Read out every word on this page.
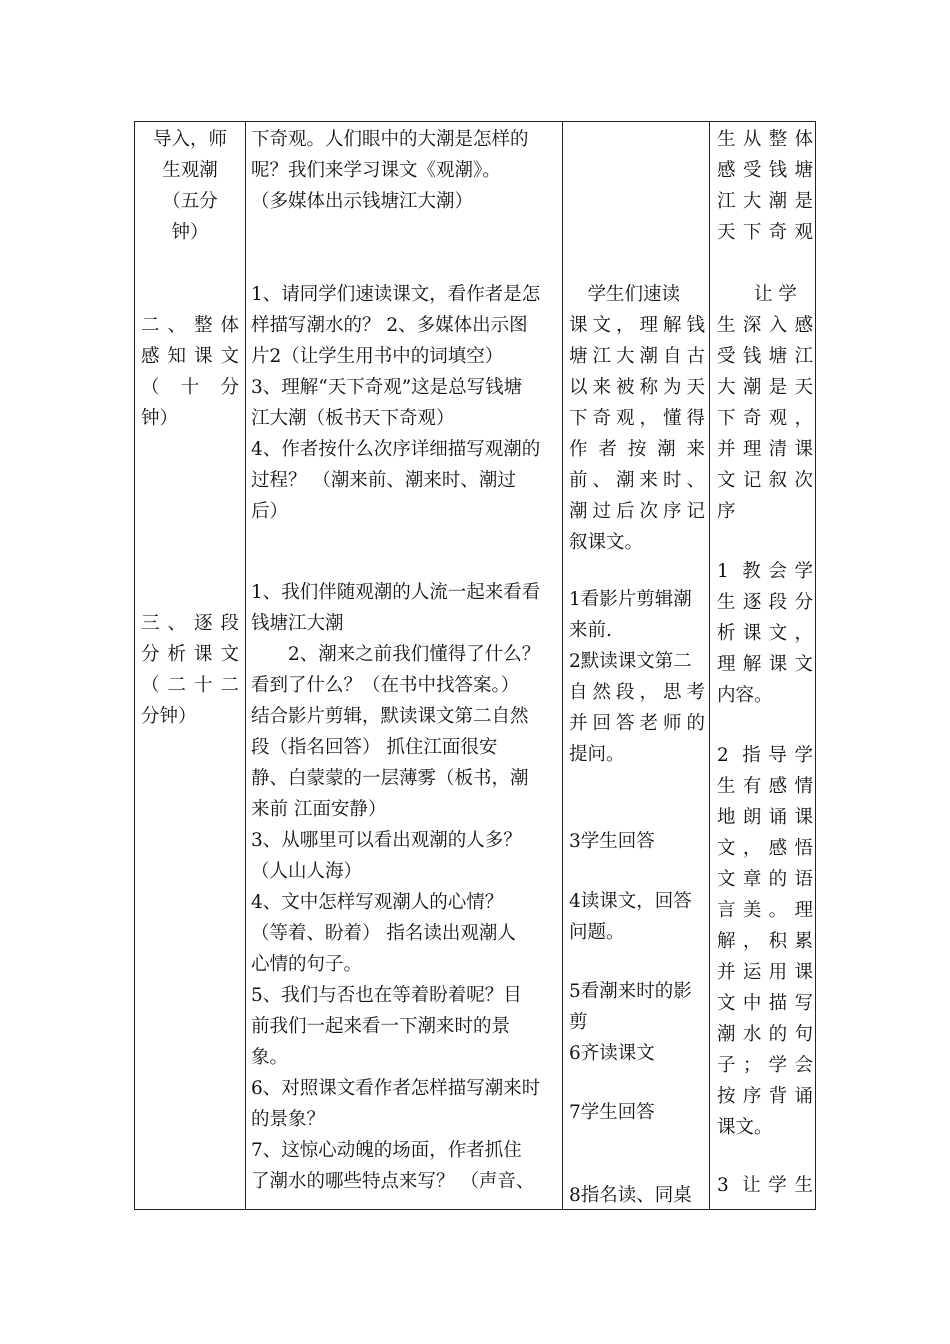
导入，师

生观潮

（五分

钟）

二、整体

感知课文

（ 十 分

钟）

三、逐段

分析课文

（二十二

分钟）

下奇观。人们眼中的大潮是怎样的

呢？我们来学习课文《观潮》。

（多媒体出示钱塘江大潮）

1、请同学们速读课文，看作者是怎

样描写潮水的？ 2、多媒体出示图

片2（让学生用书中的词填空）

3、理解“天下奇观”这是总写钱塘

江大潮（板书天下奇观）

4、作者按什么次序详细描写观潮的

过程？ （潮来前、潮来时、潮过

后）

1、我们伴随观潮的人流一起来看看

钱塘江大潮

　　2、潮来之前我们懂得了什么？

看到了什么？（在书中找答案。）

结合影片剪辑，默读课文第二自然

段（指名回答） 抓住江面很安

静、白蒙蒙的一层薄雾（板书，潮

来前 江面安静）

3、从哪里可以看出观潮的人多？

（人山人海）

4、文中怎样写观潮人的心情？

（等着、盼着） 指名读出观潮人

心情的句子。

5、我们与否也在等着盼着呢？目

前我们一起来看一下潮来时的景

象。

6、对照课文看作者怎样描写潮来时

的景象？

7、这惊心动魄的场面，作者抓住

了潮水的哪些特点来写？ （声音、

　学生们速读

课文，理解钱

塘江大潮自古

以来被称为天

下奇观，懂得

作者按潮来

前、潮来时、

潮过后次序记

叙课文。

1看影片剪辑潮

来前.

2默读课文第二

自然段，思考

并回答老师的

提问。

3学生回答

4读课文，回答

问题。

5看潮来时的影

剪

6齐读课文

7学生回答

8指名读、同桌

生从整体

感受钱塘

江大潮是

天下奇观

　　让 学

生深入感

受钱塘江

大潮是天

下奇观，

并理清课

文记叙次

序

1 教会学

生逐段分

析课文，

理解课文

内容。

2 指导学

生有感情

地朗诵课

文，感悟

文章的语

言美。理

解，积累

并运用课

文中描写

潮水的句

子；学会

按序背诵

课文。

3 让学生
